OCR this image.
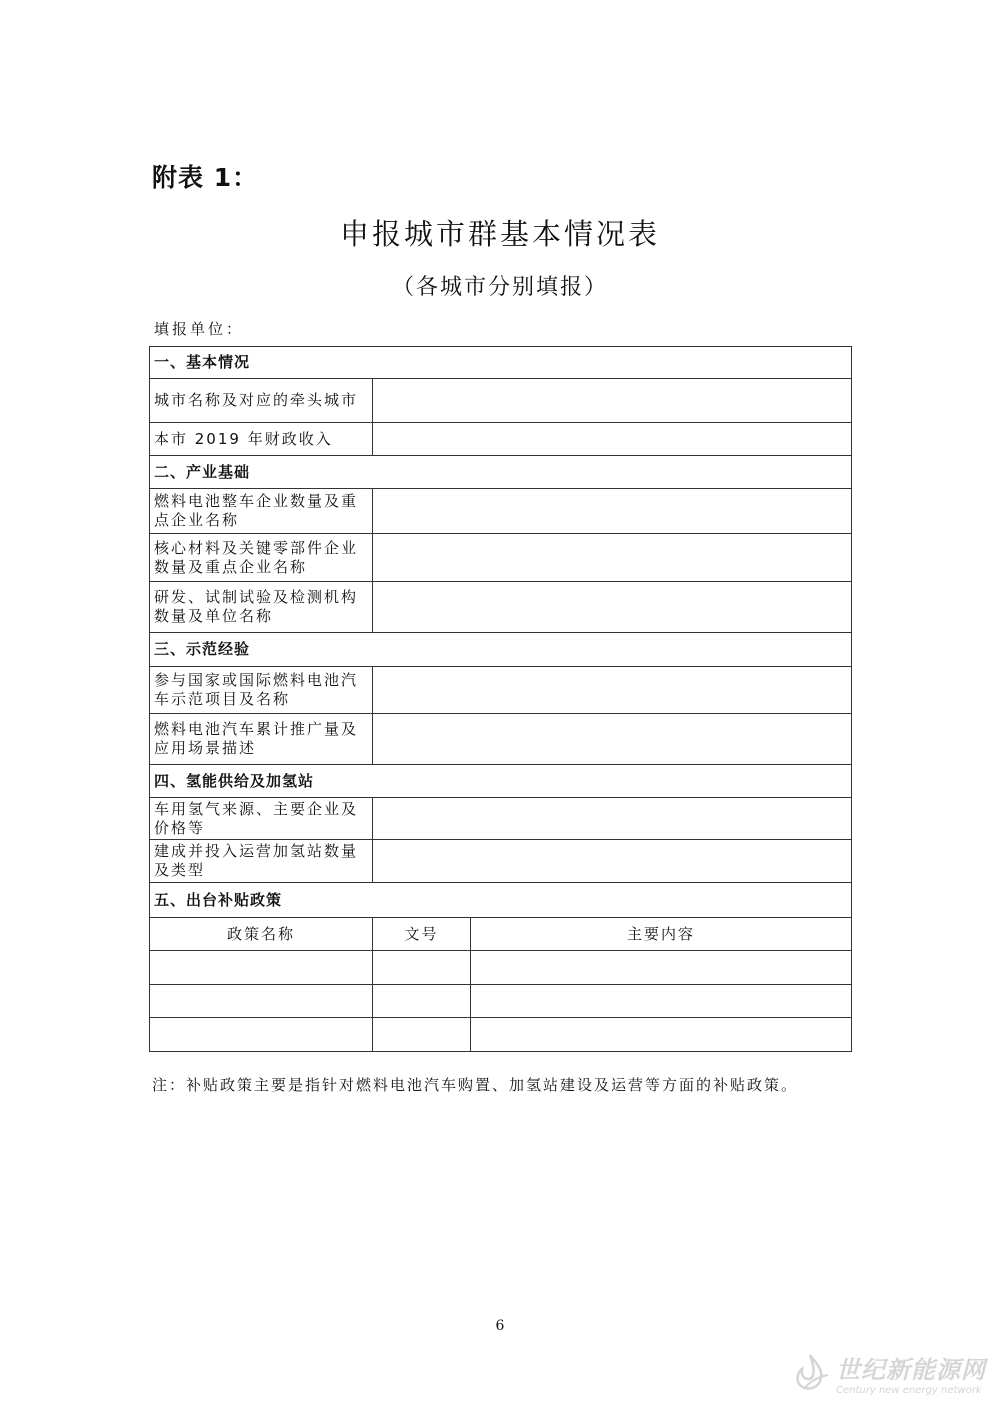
附表 1：
申报城市群基本情况表
（各城市分别填报）
填报单位：
一、基本情况		
城市名称及对应的牵头城市		
本市 2019 年财政收入		
二、产业基础		
燃料电池整车企业数量及重点企业名称		
核心材料及关键零部件企业数量及重点企业名称		
研发、试制试验及检测机构数量及单位名称		
三、示范经验		
参与国家或国际燃料电池汽车示范项目及名称		
燃料电池汽车累计推广量及应用场景描述		
四、氢能供给及加氢站		
车用氢气来源、主要企业及价格等		
建成并投入运营加氢站数量及类型		
五、出台补贴政策		
政策名称	文号	主要内容

注：补贴政策主要是指针对燃料电池汽车购置、加氢站建设及运营等方面的补贴政策。
6
世纪新能源网
Century new energy network
